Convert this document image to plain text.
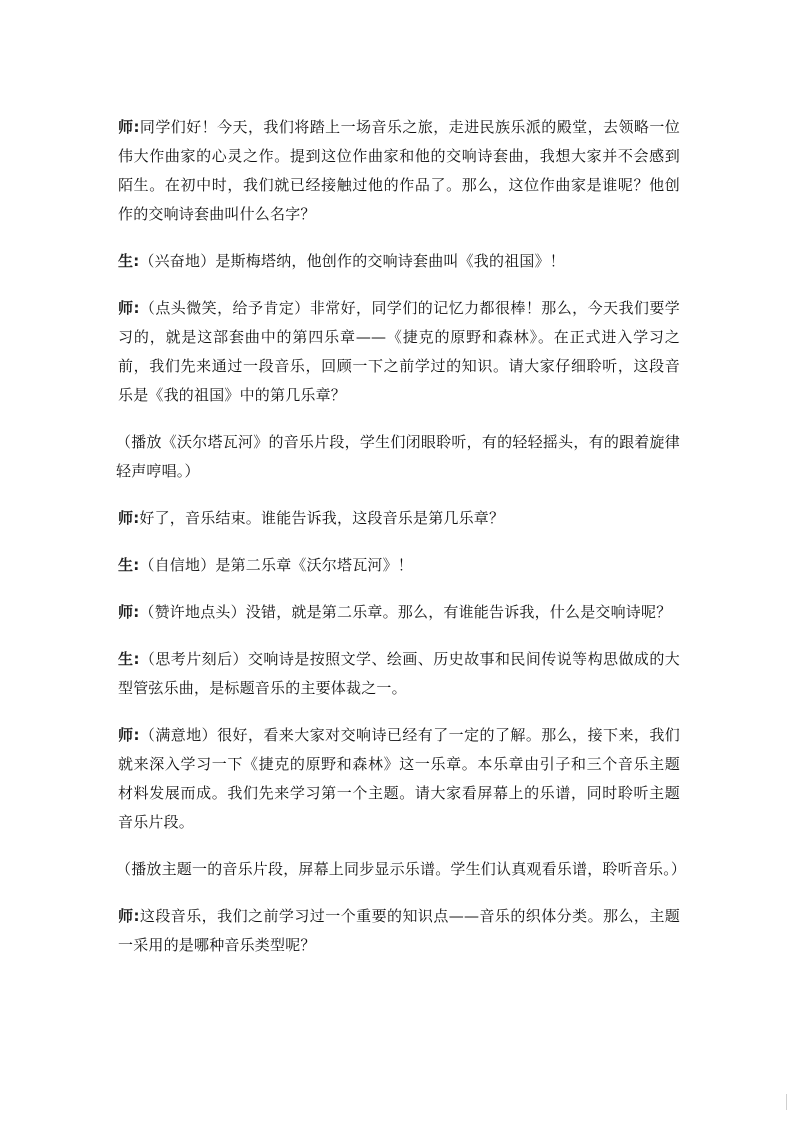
师:同学们好！今天，我们将踏上一场音乐之旅，走进民族乐派的殿堂，去领略一位伟大作曲家的心灵之作。提到这位作曲家和他的交响诗套曲，我想大家并不会感到陌生。在初中时，我们就已经接触过他的作品了。那么，这位作曲家是谁呢？他创作的交响诗套曲叫什么名字？

生:（兴奋地）是斯梅塔纳，他创作的交响诗套曲叫《我的祖国》！

师:（点头微笑，给予肯定）非常好，同学们的记忆力都很棒！那么，今天我们要学习的，就是这部套曲中的第四乐章——《捷克的原野和森林》。在正式进入学习之前，我们先来通过一段音乐，回顾一下之前学过的知识。请大家仔细聆听，这段音乐是《我的祖国》中的第几乐章？

（播放《沃尔塔瓦河》的音乐片段，学生们闭眼聆听，有的轻轻摇头，有的跟着旋律轻声哼唱。）

师:好了，音乐结束。谁能告诉我，这段音乐是第几乐章？

生:（自信地）是第二乐章《沃尔塔瓦河》！

师:（赞许地点头）没错，就是第二乐章。那么，有谁能告诉我，什么是交响诗呢？

生:（思考片刻后）交响诗是按照文学、绘画、历史故事和民间传说等构思做成的大型管弦乐曲，是标题音乐的主要体裁之一。

师:（满意地）很好，看来大家对交响诗已经有了一定的了解。那么，接下来，我们就来深入学习一下《捷克的原野和森林》这一乐章。本乐章由引子和三个音乐主题材料发展而成。我们先来学习第一个主题。请大家看屏幕上的乐谱，同时聆听主题音乐片段。

（播放主题一的音乐片段，屏幕上同步显示乐谱。学生们认真观看乐谱，聆听音乐。）

师:这段音乐，我们之前学习过一个重要的知识点——音乐的织体分类。那么，主题一采用的是哪种音乐类型呢？
